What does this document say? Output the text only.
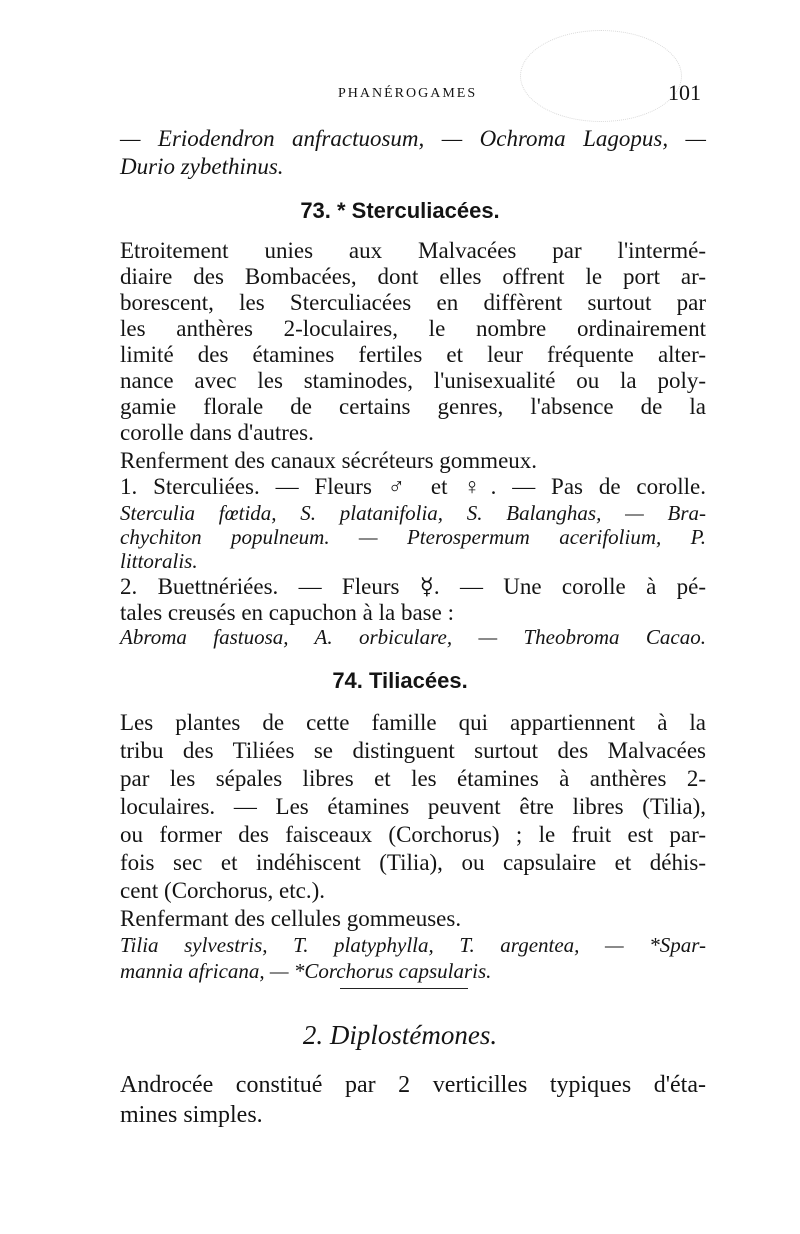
PHANÉROGAMES	101
— Eriodendron anfractuosum, — Ochroma Lagopus, —
Durio zybethinus.
73. * Sterculiacées.
Etroitement unies aux Malvacées par l'intermé-
diaire des Bombacées, dont elles offrent le port ar-
borescent, les Sterculiacées en diffèrent surtout par
les anthères 2-loculaires, le nombre ordinairement
limité des étamines fertiles et leur fréquente alter-
nance avec les staminodes, l'unisexualité ou la poly-
gamie florale de certains genres, l'absence de la
corolle dans d'autres.
Renferment des canaux sécréteurs gommeux.
1. Sterculiées. — Fleurs ♂ et ♀. — Pas de corolle.
Sterculia fœtida, S. platanifolia, S. Balanghas, — Bra-
chychiton populneum. — Pterospermum acerifolium, P.
littoralis.
2. Buettnériées. — Fleurs ☿. — Une corolle à pé-
tales creusés en capuchon à la base :
Abroma fastuosa, A. orbiculare, — Theobroma Cacao.
74. Tiliacées.
Les plantes de cette famille qui appartiennent à la
tribu des Tiliées se distinguent surtout des Malvacées
par les sépales libres et les étamines à anthères 2-
loculaires. — Les étamines peuvent être libres (Tilia),
ou former des faisceaux (Corchorus) ; le fruit est par-
fois sec et indéhiscent (Tilia), ou capsulaire et déhis-
cent (Corchorus, etc.).
Renfermant des cellules gommeuses.
Tilia sylvestris, T. platyphylla, T. argentea, — *Spar-
mannia africana, — *Corchorus capsularis.
2. Diplostémones.
Androcée constitué par 2 verticilles typiques d'éta-
mines simples.
